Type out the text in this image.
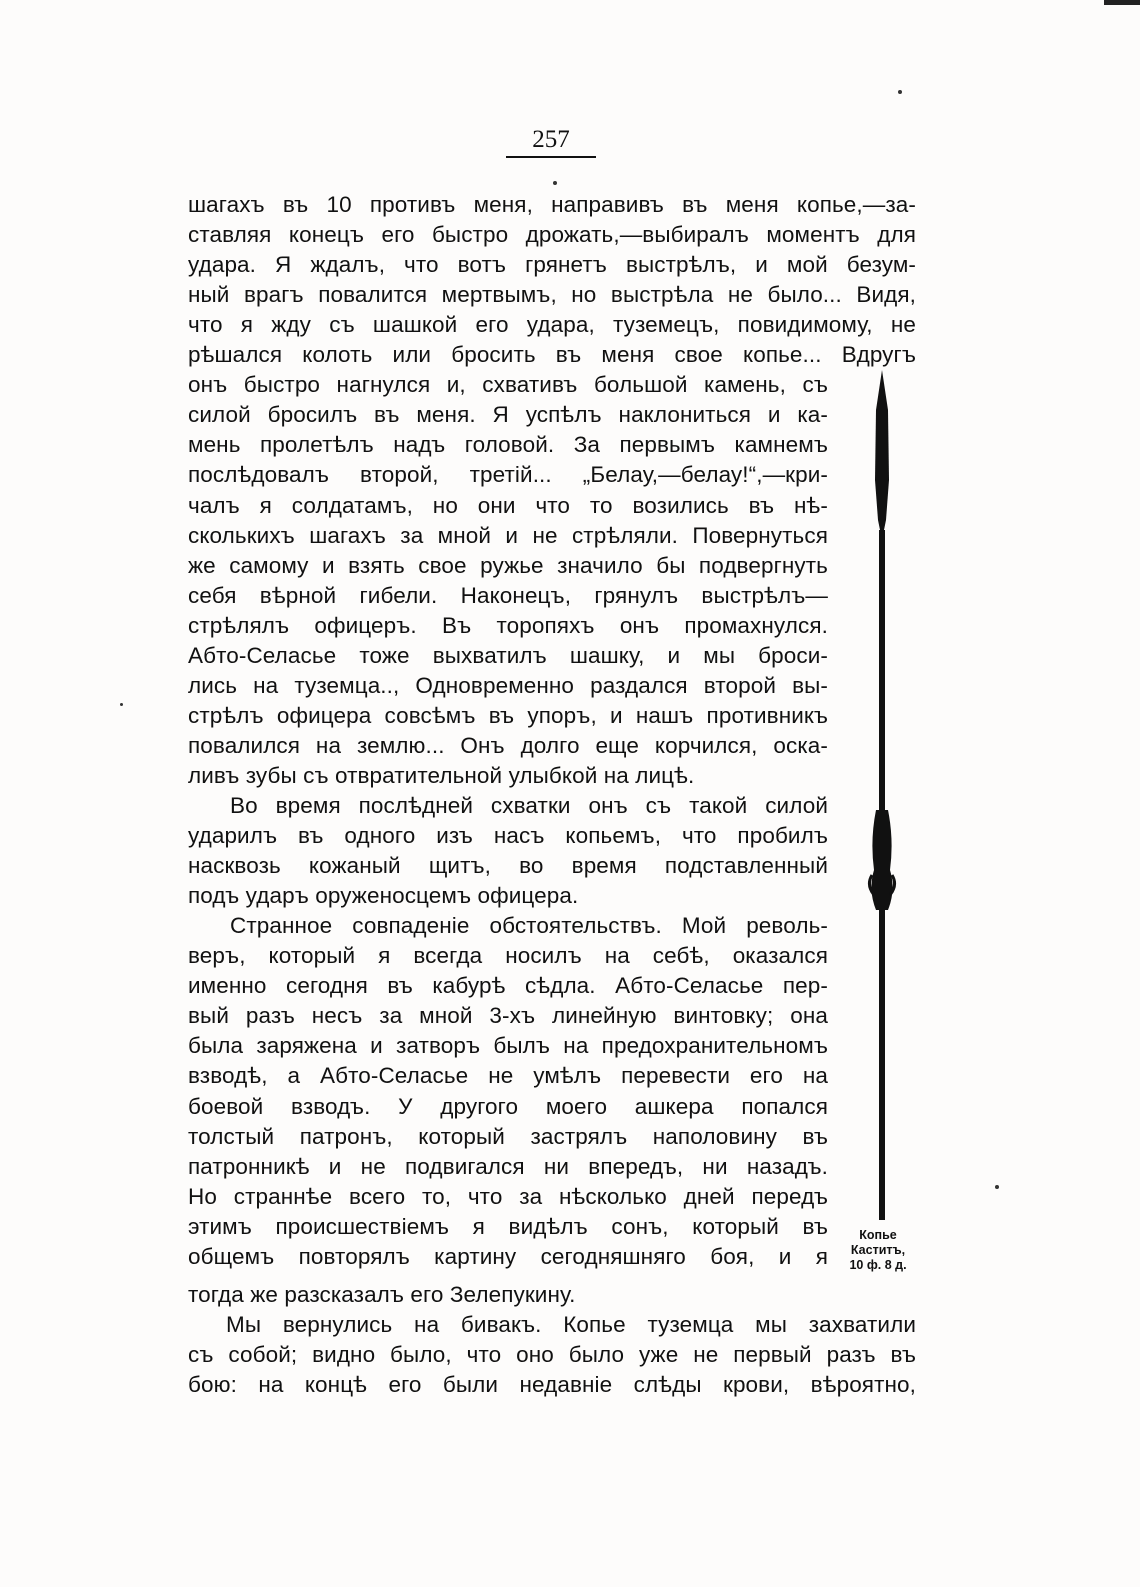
257
шагахъ въ 10 противъ меня, направивъ въ меня копье,—за-
ставляя конецъ его быстро дрожать,—выбиралъ моментъ для
удара. Я ждалъ, что вотъ грянетъ выстрѣлъ, и мой безум-
ный врагъ повалится мертвымъ, но выстрѣла не было... Видя,
что я жду съ шашкой его удара, туземецъ, повидимому, не
рѣшался колоть или бросить въ меня свое копье... Вдругъ
онъ быстро нагнулся и, схвативъ большой камень, съ
силой бросилъ въ меня. Я успѣлъ наклониться и ка-
мень пролетѣлъ надъ головой. За первымъ камнемъ
послѣдовалъ второй, третiй... „Белау,—белау!“,—кри-
чалъ я солдатамъ, но они что то возились въ нѣ-
сколькихъ шагахъ за мной и не стрѣляли. Повернуться
же самому и взять свое ружье значило бы подвергнуть
себя вѣрной гибели. Наконецъ, грянулъ выстрѣлъ—
стрѣлялъ офицеръ. Въ торопяхъ онъ промахнулся.
Абто-Селасье тоже выхватилъ шашку, и мы броси-
лись на туземца.., Одновременно раздался второй вы-
стрѣлъ офицера совсѣмъ въ упоръ, и нашъ противникъ
повалился на землю... Онъ долго еще корчился, оска-
ливъ зубы съ отвратительной улыбкой на лицѣ.
Во время послѣдней схватки онъ съ такой силой
ударилъ въ одного изъ насъ копьемъ, что пробилъ
насквозь кожаный щитъ, во время подставленный
подъ ударъ оруженосцемъ офицера.
Странное совпаденiе обстоятельствъ. Мой револь-
веръ, который я всегда носилъ на себѣ, оказался
именно сегодня въ кабурѣ сѣдла. Абто-Селасье пер-
вый разъ несъ за мной 3-хъ линейную винтовку; она
была заряжена и затворъ былъ на предохранительномъ
взводѣ, а Абто-Селасье не умѣлъ перевести его на
боевой взводъ. У другого моего ашкера попался
толстый патронъ, который застрялъ наполовину въ
патронникѣ и не подвигался ни впередъ, ни назадъ.
Но страннѣе всего то, что за нѣсколько дней передъ
этимъ происшествiемъ я видѣлъ сонъ, который въ
общемъ повторялъ картину сегодняшняго боя, и я
тогда же разсказалъ его Зелепукину.
Мы вернулись на бивакъ. Копье туземца мы захватили
съ собой; видно было, что оно было уже не первый разъ въ
бою: на концѣ его были недавнiе слѣды крови, вѣроятно,
Копье
Каститъ,
10 ф. 8 д.
